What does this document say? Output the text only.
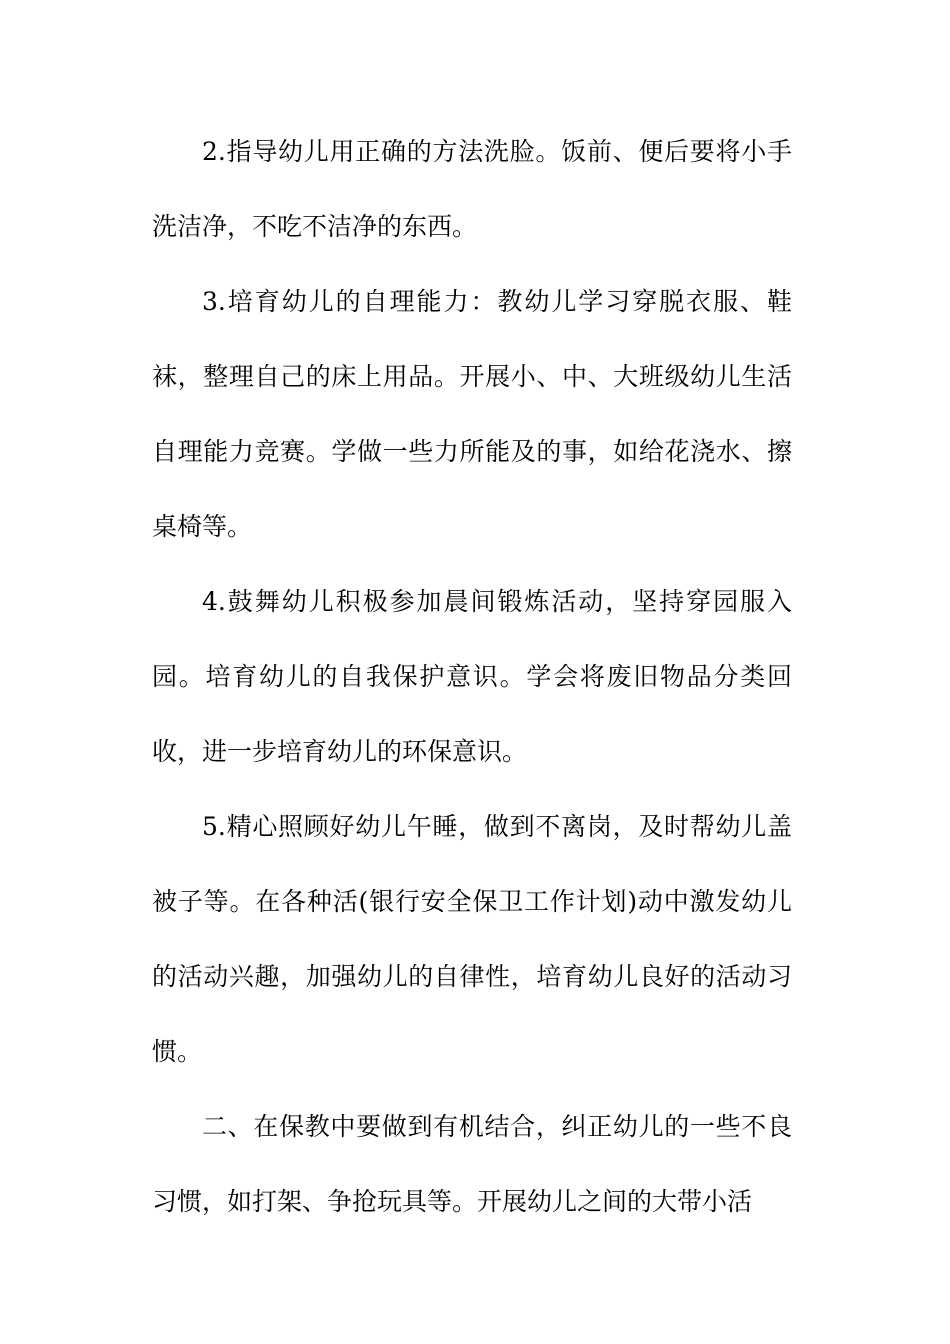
2.指导幼儿用正确的方法洗脸。饭前、便后要将小手洗洁净，不吃不洁净的东西。

3.培育幼儿的自理能力：教幼儿学习穿脱衣服、鞋袜，整理自己的床上用品。开展小、中、大班级幼儿生活自理能力竞赛。学做一些力所能及的事，如给花浇水、擦桌椅等。

4.鼓舞幼儿积极参加晨间锻炼活动，坚持穿园服入园。培育幼儿的自我保护意识。学会将废旧物品分类回收，进一步培育幼儿的环保意识。

5.精心照顾好幼儿午睡，做到不离岗，及时帮幼儿盖被子等。在各种活(银行安全保卫工作计划)动中激发幼儿的活动兴趣，加强幼儿的自律性，培育幼儿良好的活动习惯。

二、在保教中要做到有机结合，纠正幼儿的一些不良习惯，如打架、争抢玩具等。开展幼儿之间的大带小活
